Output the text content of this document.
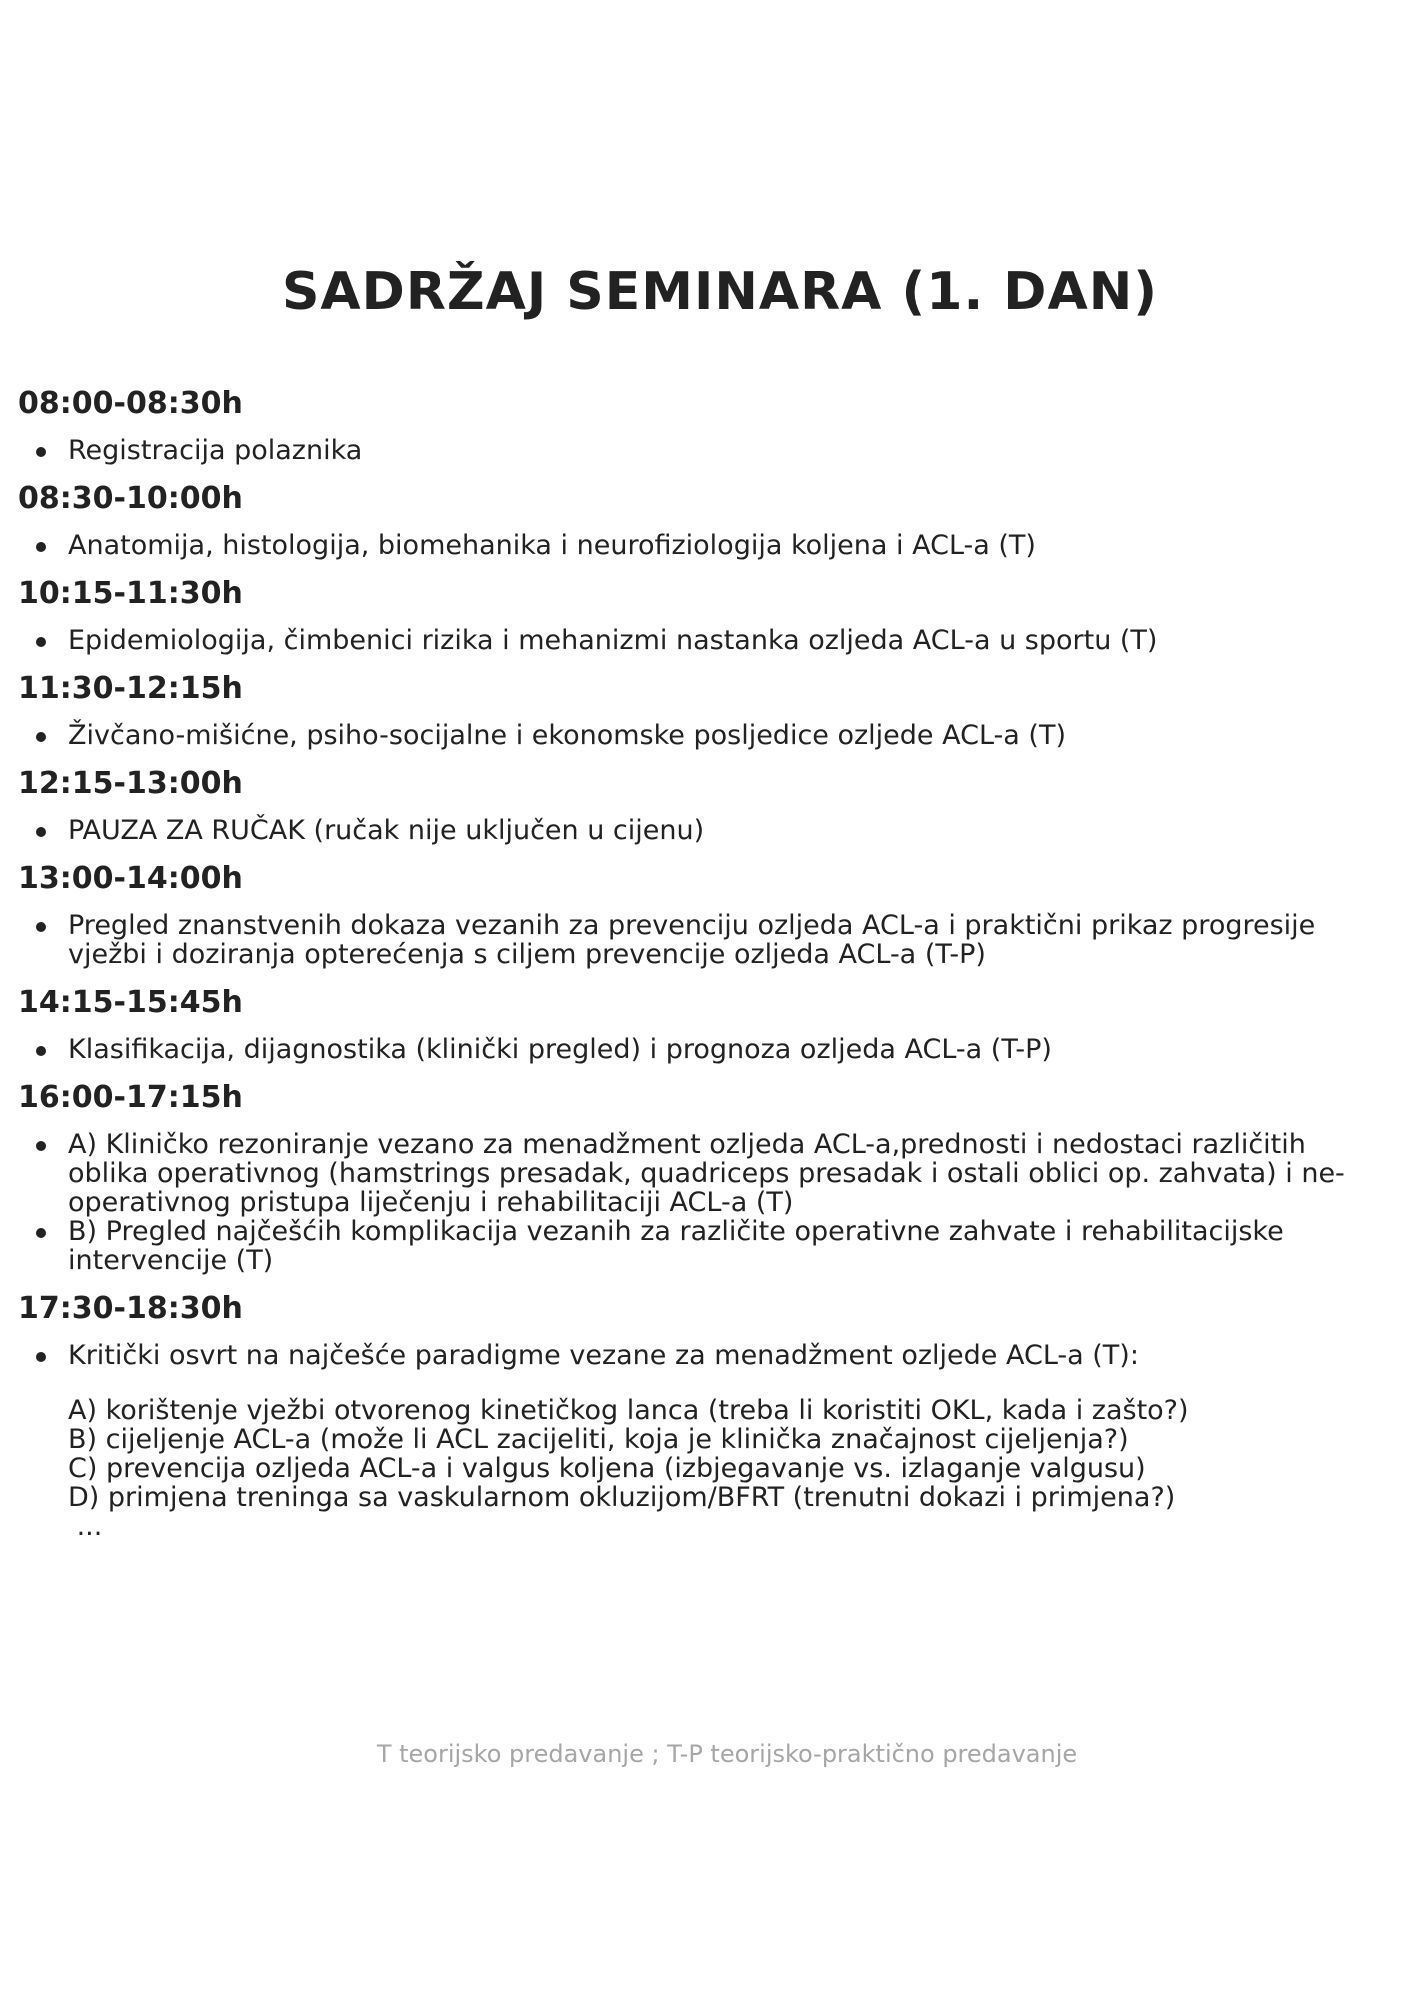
SADRŽAJ SEMINARA (1. DAN)
08:00-08:30h
Registracija polaznika
08:30-10:00h
Anatomija, histologija, biomehanika i neurofiziologija koljena i ACL-a (T)
10:15-11:30h
Epidemiologija, čimbenici rizika i mehanizmi nastanka ozljeda ACL-a u sportu (T)
11:30-12:15h
Živčano-mišićne, psiho-socijalne i ekonomske posljedice ozljede ACL-a (T)
12:15-13:00h
PAUZA ZA RUČAK (ručak nije uključen u cijenu)
13:00-14:00h
Pregled znanstvenih dokaza vezanih za prevenciju ozljeda ACL-a i praktični prikaz progresije vježbi i doziranja opterećenja s ciljem prevencije ozljeda ACL-a (T-P)
14:15-15:45h
Klasifikacija, dijagnostika (klinički pregled) i prognoza ozljeda ACL-a (T-P)
16:00-17:15h
A) Kliničko rezoniranje vezano za menadžment ozljeda ACL-a,prednosti i nedostaci različitih oblika operativnog (hamstrings presadak, quadriceps presadak i ostali oblici op. zahvata) i ne-operativnog pristupa liječenju i rehabilitaciji ACL-a (T)
B) Pregled najčešćih komplikacija vezanih za različite operativne zahvate i rehabilitacijske intervencije (T)
17:30-18:30h
Kritički osvrt na najčešće paradigme vezane za menadžment ozljede ACL-a (T):
A) korištenje vježbi otvorenog kinetičkog lanca (treba li koristiti OKL, kada i zašto?)
B) cijeljenje ACL-a (može li ACL zacijeliti, koja je klinička značajnost cijeljenja?)
C) prevencija ozljeda ACL-a i valgus koljena (izbjegavanje vs. izlaganje valgusu)
D) primjena treninga sa vaskularnom okluzijom/BFRT (trenutni dokazi i primjena?)
...
T teorijsko predavanje ; T-P teorijsko-praktično predavanje
